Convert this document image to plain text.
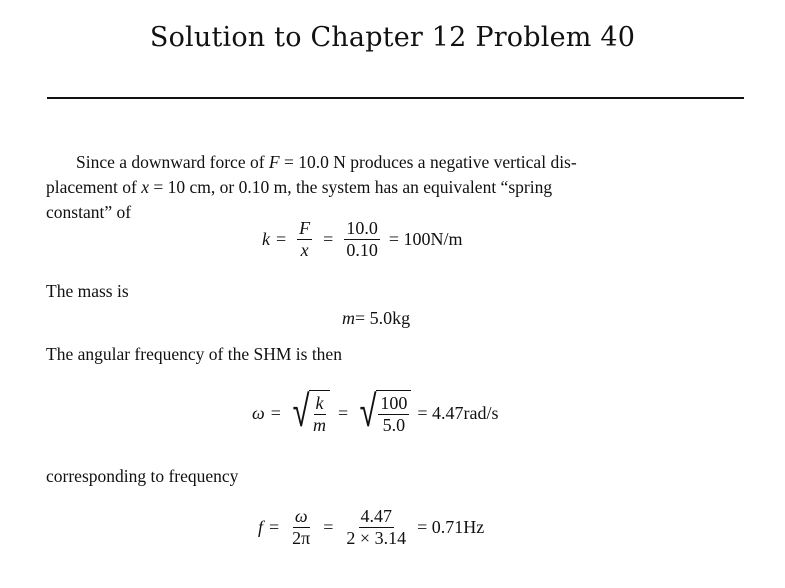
Solution to Chapter 12 Problem 40
Since a downward force of F = 10.0 N produces a negative vertical dis-
placement of x = 10 cm, or 0.10 m, the system has an equivalent “spring
constant” of
$k = \frac{F}{x} = \frac{10.0}{0.10} = 100N/m$
The mass is
m = 5.0kg
The angular frequency of the SHM is then
ω = √ $\frac{k}{m}$ = √ $\frac{100}{5.0} = 4.47rad/s$
corresponding to frequency
$f = \frac{\omega}{2\pi} = \frac{4.47}{2 \times 3.14} = 0.71Hz$
